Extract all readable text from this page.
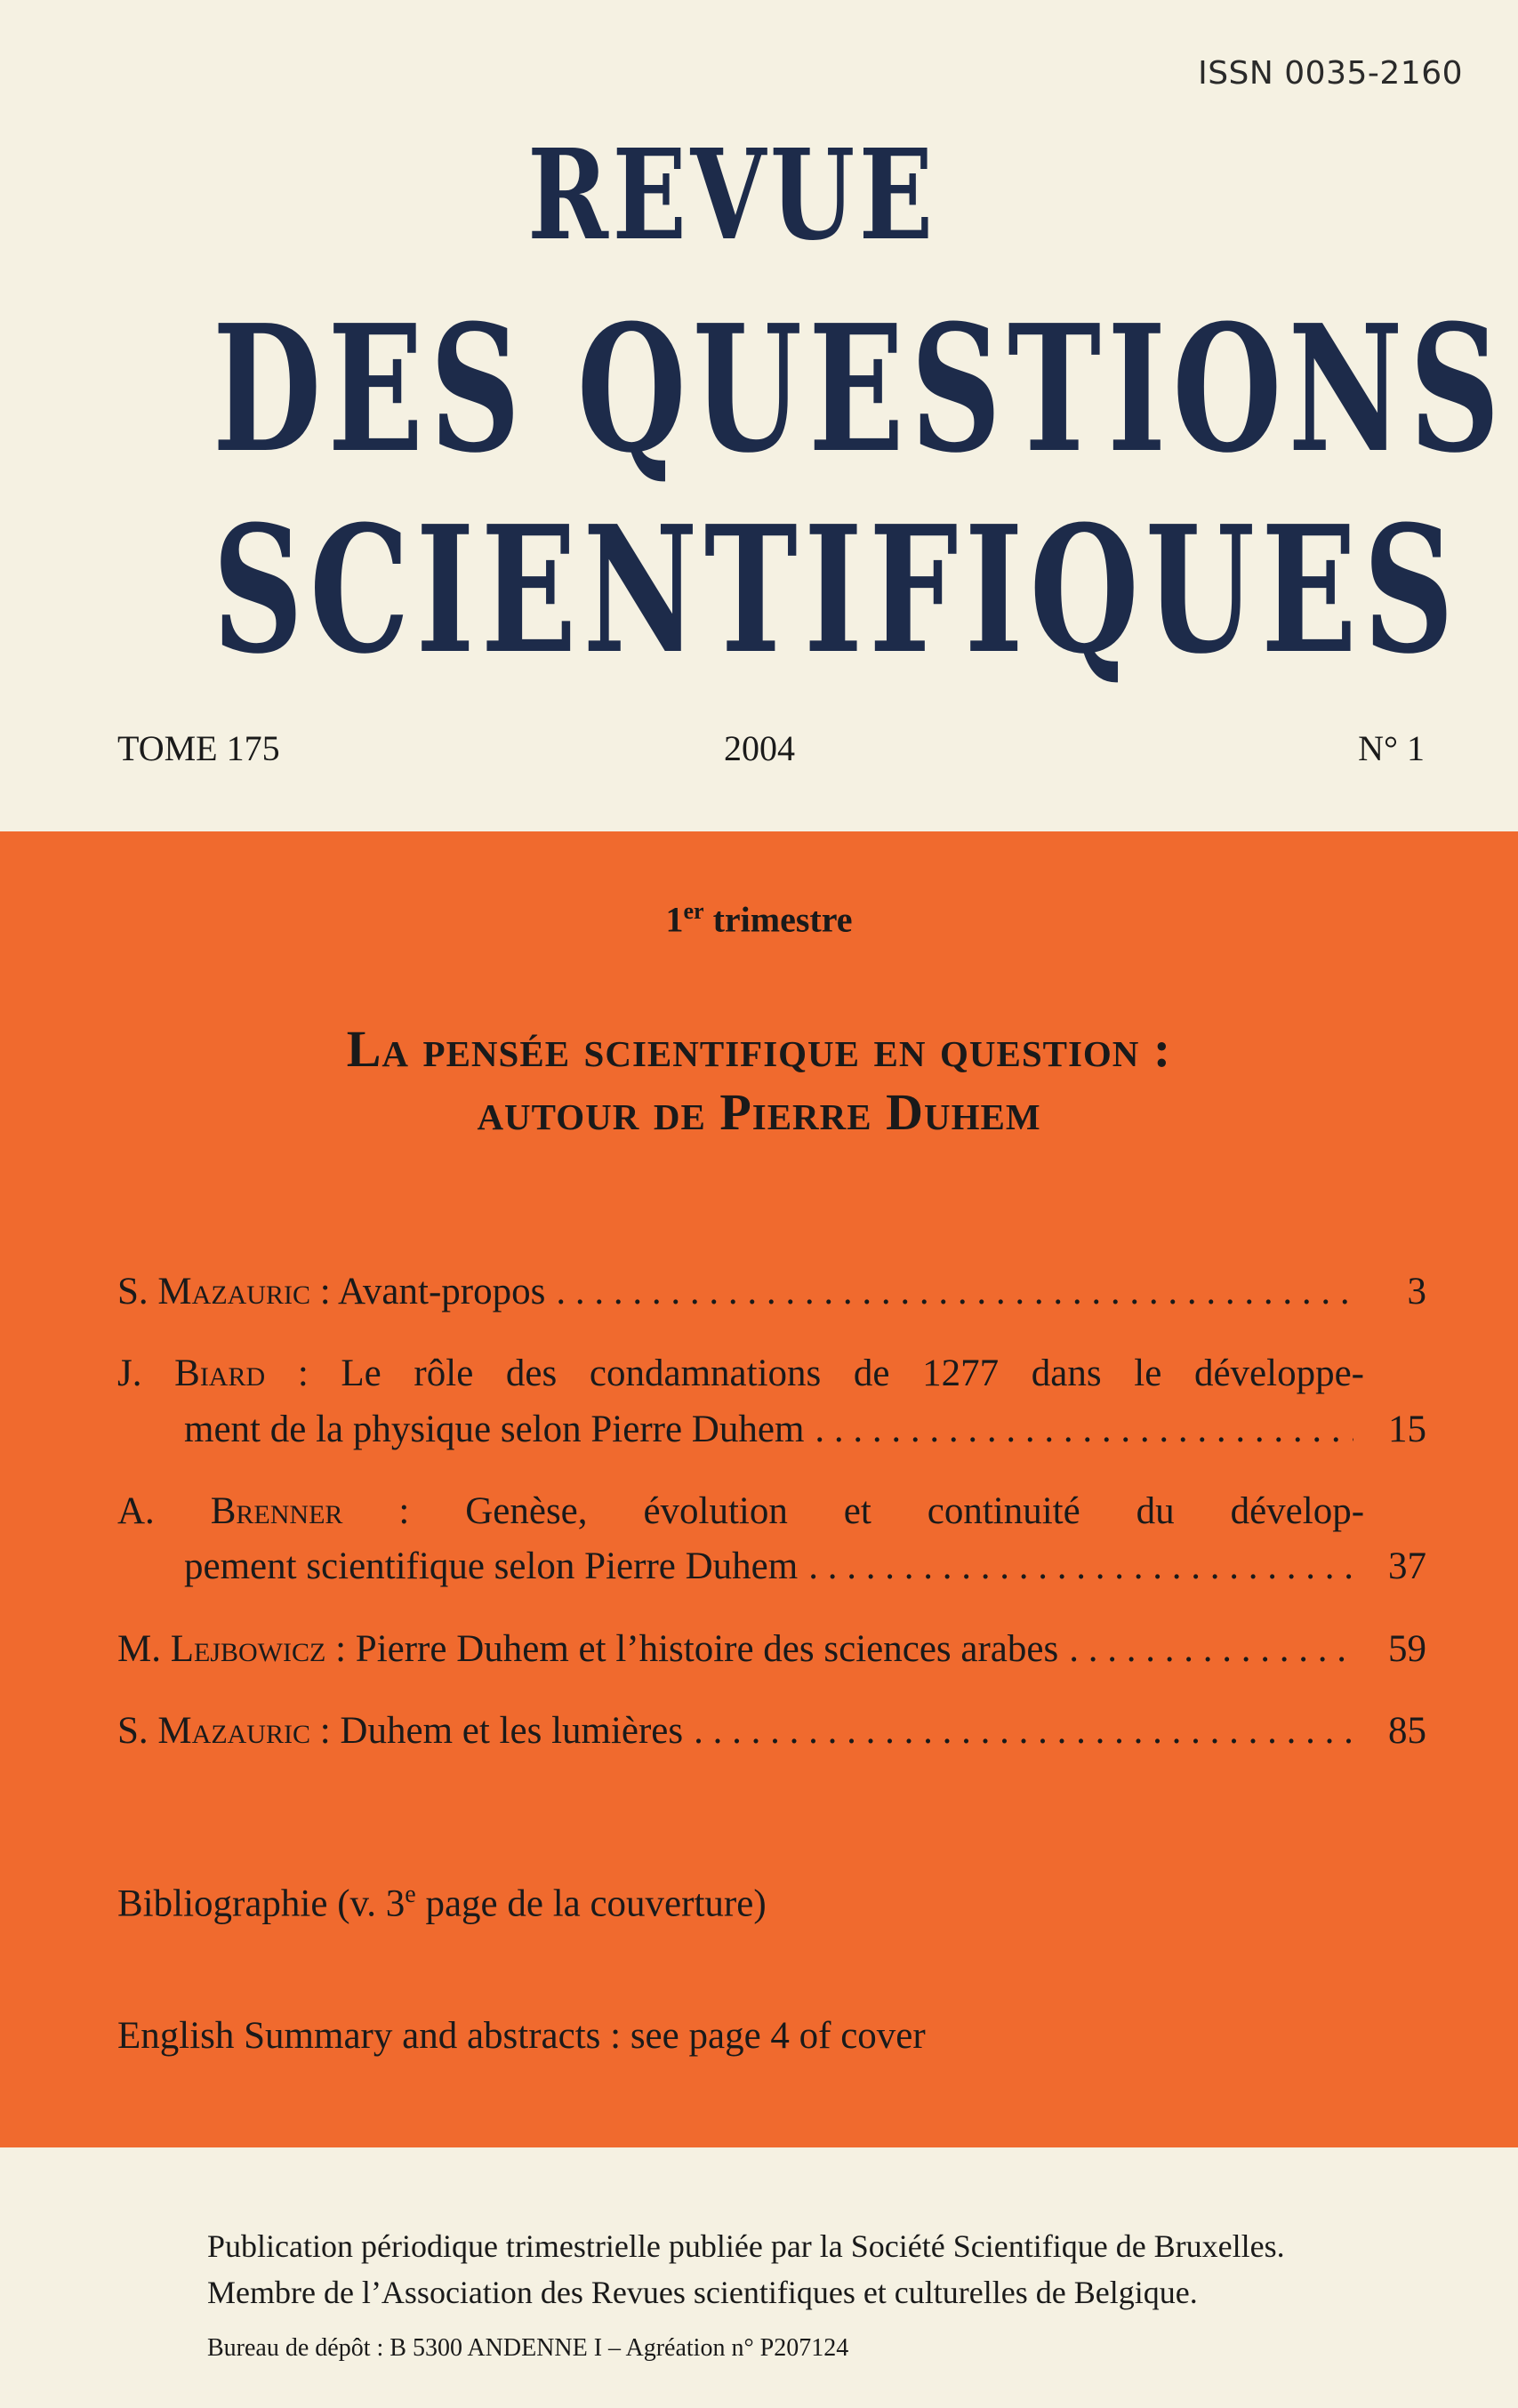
ISSN 0035-2160
REVUE
DES QUESTIONS
SCIENTIFIQUES
TOME 175	2004	N° 1
1er trimestre
La pensée scientifique en question :
autour de Pierre Duhem
S. Mazauric : Avant-propos . . .	3
J. Biard : Le rôle des condamnations de 1277 dans le développe-
ment de la physique selon Pierre Duhem . . .	15
A. Brenner : Genèse, évolution et continuité du dévelop-
pement scientifique selon Pierre Duhem . . .	37
M. Lejbowicz : Pierre Duhem et l’histoire des sciences arabes . . .	59
S. Mazauric : Duhem et les lumières . . .	85
Bibliographie (v. 3e page de la couverture)
English Summary and abstracts : see page 4 of cover
Publication périodique trimestrielle publiée par la Société Scientifique de Bruxelles.
Membre de l’Association des Revues scientifiques et culturelles de Belgique.
Bureau de dépôt : B 5300 ANDENNE I – Agréation n° P207124
